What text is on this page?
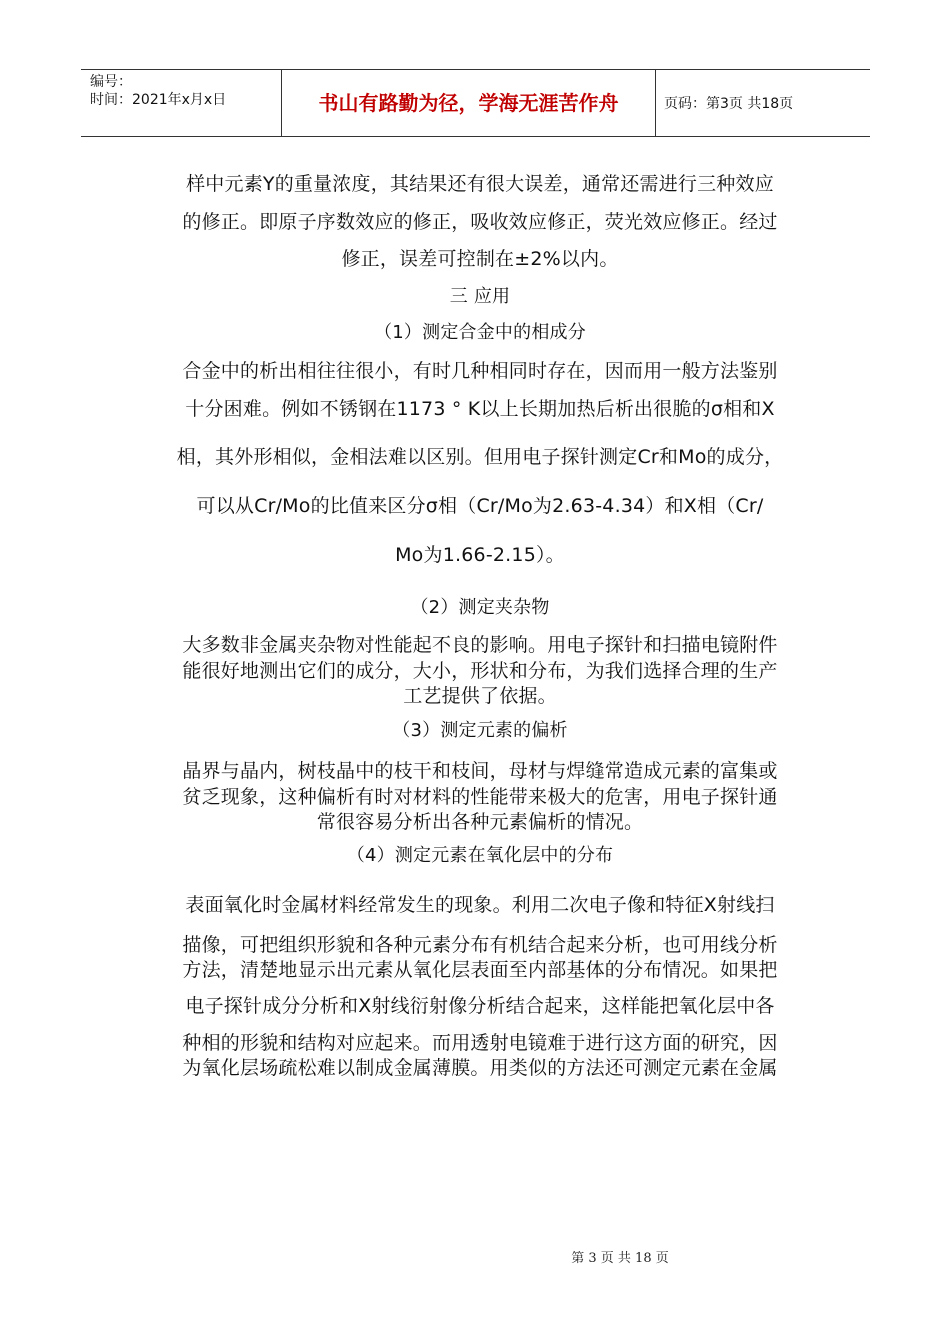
编号：
时间：2021年x月x日	书山有路勤为径，学海无涯苦作舟	页码：第3页 共18页
样中元素Y的重量浓度，其结果还有很大误差，通常还需进行三种效应
的修正。即原子序数效应的修正，吸收效应修正，荧光效应修正。经过
修正，误差可控制在±2%以内。
三 应用
（1）测定合金中的相成分
合金中的析出相往往很小，有时几种相同时存在，因而用一般方法鉴别
十分困难。例如不锈钢在1173 ° K以上长期加热后析出很脆的σ相和X
相，其外形相似，金相法难以区别。但用电子探针测定Cr和Mo的成分，
可以从Cr/Mo的比值来区分σ相（Cr/Mo为2.63-4.34）和X相（Cr/
Mo为1.66-2.15）。
（2）测定夹杂物
大多数非金属夹杂物对性能起不良的影响。用电子探针和扫描电镜附件
能很好地测出它们的成分，大小，形状和分布，为我们选择合理的生产
工艺提供了依据。
（3）测定元素的偏析
晶界与晶内，树枝晶中的枝干和枝间，母材与焊缝常造成元素的富集或
贫乏现象，这种偏析有时对材料的性能带来极大的危害，用电子探针通
常很容易分析出各种元素偏析的情况。
（4）测定元素在氧化层中的分布
表面氧化时金属材料经常发生的现象。利用二次电子像和特征X射线扫
描像，可把组织形貌和各种元素分布有机结合起来分析，也可用线分析
方法，清楚地显示出元素从氧化层表面至内部基体的分布情况。如果把
电子探针成分分析和X射线衍射像分析结合起来，这样能把氧化层中各
种相的形貌和结构对应起来。而用透射电镜难于进行这方面的研究，因
为氧化层场疏松难以制成金属薄膜。用类似的方法还可测定元素在金属
第 3 页 共 18 页
